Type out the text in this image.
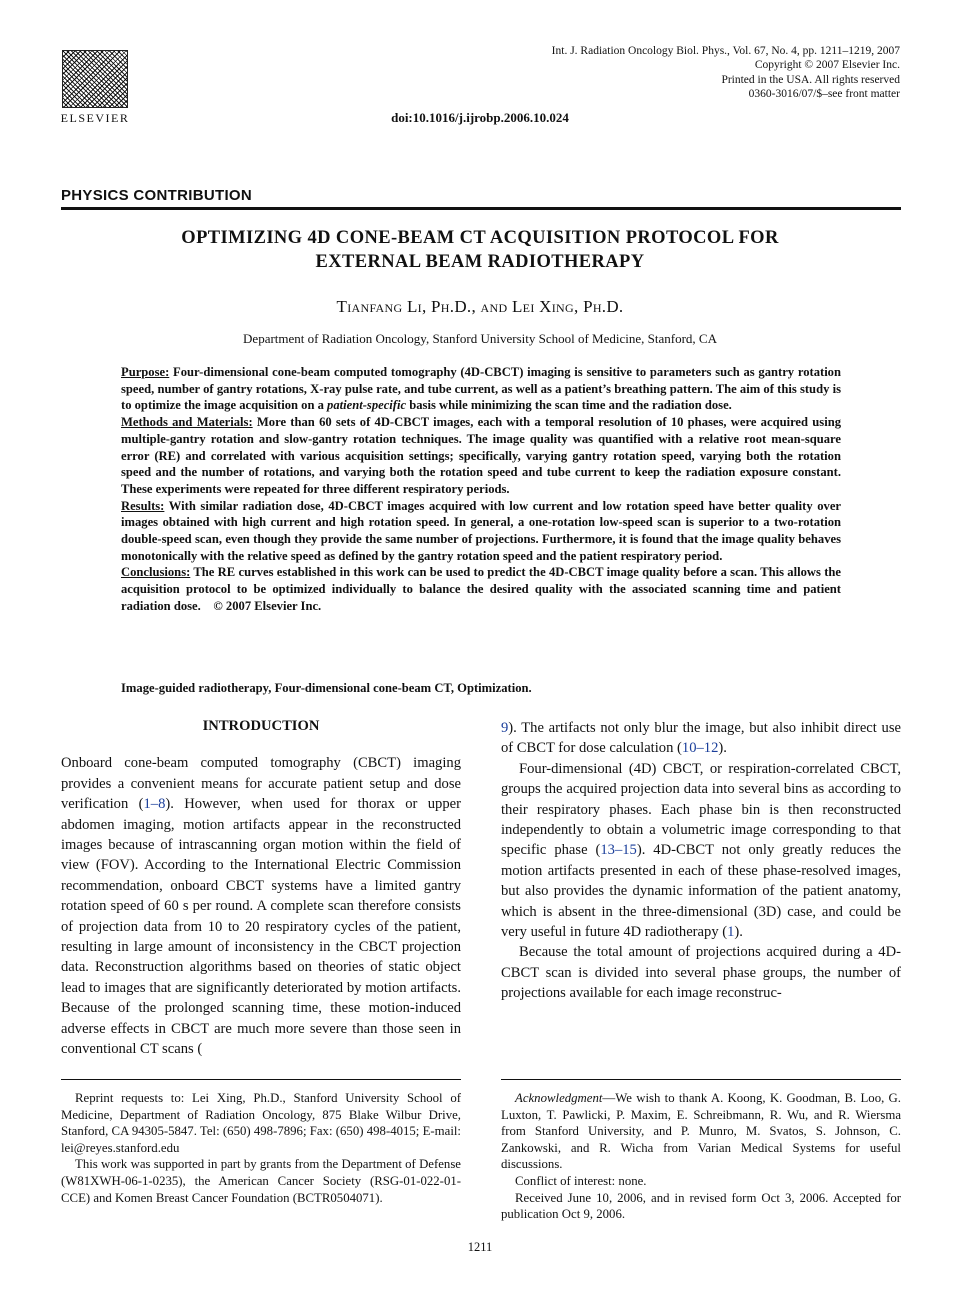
ELSEVIER
Int. J. Radiation Oncology Biol. Phys., Vol. 67, No. 4, pp. 1211–1219, 2007
Copyright © 2007 Elsevier Inc.
Printed in the USA. All rights reserved
0360-3016/07/$–see front matter
doi:10.1016/j.ijrobp.2006.10.024
PHYSICS CONTRIBUTION
OPTIMIZING 4D CONE-BEAM CT ACQUISITION PROTOCOL FOR
EXTERNAL BEAM RADIOTHERAPY
Tianfang Li, Ph.D., and Lei Xing, Ph.D.
Department of Radiation Oncology, Stanford University School of Medicine, Stanford, CA

Purpose: Four-dimensional cone-beam computed tomography (4D-CBCT) imaging is sensitive to parameters such as gantry rotation speed, number of gantry rotations, X-ray pulse rate, and tube current, as well as a patient’s breathing pattern. The aim of this study is to optimize the image acquisition on a patient-specific basis while minimizing the scan time and the radiation dose.

Methods and Materials: More than 60 sets of 4D-CBCT images, each with a temporal resolution of 10 phases, were acquired using multiple-gantry rotation and slow-gantry rotation techniques. The image quality was quantified with a relative root mean-square error (RE) and correlated with various acquisition settings; specifically, varying gantry rotation speed, varying both the rotation speed and the number of rotations, and varying both the rotation speed and tube current to keep the radiation exposure constant. These experiments were repeated for three different respiratory periods.

Results: With similar radiation dose, 4D-CBCT images acquired with low current and low rotation speed have better quality over images obtained with high current and high rotation speed. In general, a one-rotation low-speed scan is superior to a two-rotation double-speed scan, even though they provide the same number of projections. Furthermore, it is found that the image quality behaves monotonically with the relative speed as defined by the gantry rotation speed and the patient respiratory period.

Conclusions: The RE curves established in this work can be used to predict the 4D-CBCT image quality before a scan. This allows the acquisition protocol to be optimized individually to balance the desired quality with the associated scanning time and patient radiation dose. © 2007 Elsevier Inc.

Image-guided radiotherapy, Four-dimensional cone-beam CT, Optimization.
INTRODUCTION

Onboard cone-beam computed tomography (CBCT) imaging provides a convenient means for accurate patient setup and dose verification (1–8). However, when used for thorax or upper abdomen imaging, motion artifacts appear in the reconstructed images because of intrascanning organ motion within the field of view (FOV). According to the International Electric Commission recommendation, onboard CBCT systems have a limited gantry rotation speed of 60 s per round. A complete scan therefore consists of projection data from 10 to 20 respiratory cycles of the patient, resulting in large amount of inconsistency in the CBCT projection data. Reconstruction algorithms based on theories of static object lead to images that are significantly deteriorated by motion artifacts. Because of the prolonged scanning time, these motion-induced adverse effects in CBCT are much more severe than those seen in conventional CT scans (

9). The artifacts not only blur the image, but also inhibit direct use of CBCT for dose calculation (10–12).

Four-dimensional (4D) CBCT, or respiration-correlated CBCT, groups the acquired projection data into several bins as according to their respiratory phases. Each phase bin is then reconstructed independently to obtain a volumetric image corresponding to that specific phase (13–15). 4D-CBCT not only greatly reduces the motion artifacts presented in each of these phase-resolved images, but also provides the dynamic information of the patient anatomy, which is absent in the three-dimensional (3D) case, and could be very useful in future 4D radiotherapy (1).

Because the total amount of projections acquired during a 4D-CBCT scan is divided into several phase groups, the number of projections available for each image reconstruc-

Reprint requests to: Lei Xing, Ph.D., Stanford University School of Medicine, Department of Radiation Oncology, 875 Blake Wilbur Drive, Stanford, CA 94305-5847. Tel: (650) 498-7896; Fax: (650) 498-4015; E-mail: lei@reyes.stanford.edu

This work was supported in part by grants from the Department of Defense (W81XWH-06-1-0235), the American Cancer Society (RSG-01-022-01-CCE) and Komen Breast Cancer Foundation (BCTR0504071).

Acknowledgment—We wish to thank A. Koong, K. Goodman, B. Loo, G. Luxton, T. Pawlicki, P. Maxim, E. Schreibmann, R. Wu, and R. Wiersma from Stanford University, and P. Munro, M. Svatos, S. Johnson, C. Zankowski, and R. Wicha from Varian Medical Systems for useful discussions.

Conflict of interest: none.

Received June 10, 2006, and in revised form Oct 3, 2006. Accepted for publication Oct 9, 2006.

1211
